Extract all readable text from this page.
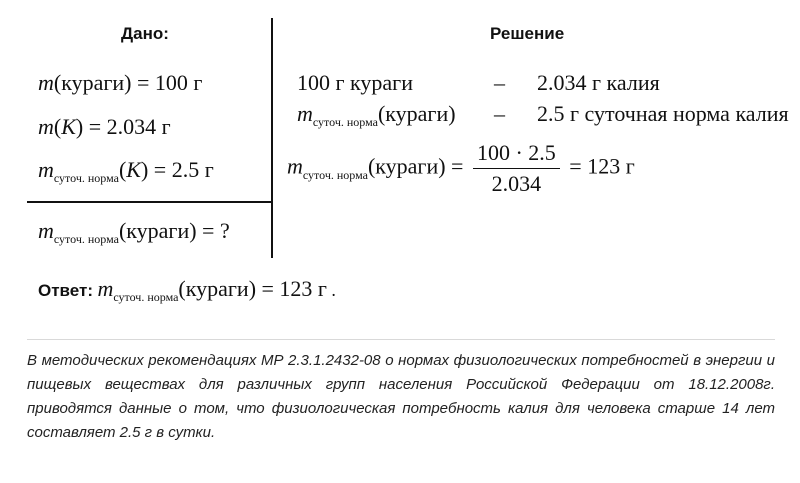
Дано:	Решение
m(кураги) = 100 г
m(K) = 2.034 г
$m_{суточ. норма}(K) = 2.5$ г
$m_{суточ. норма}(кураги)$ = ?
100 г кураги	– 2.034 г калия
$m_{суточ. норма}(кураги) - 2.5$ г суточная норма калия
$m_{суточ. норма}(кураги) = \frac{100 \cdot 2.5}{2.034} = 123$ г
Ответ: $m_{суточ. норма}(кураги) = 123$ г .
В методических рекомендациях МР 2.3.1.2432-08 о нормах физиологических потребностей в энергии и пищевых веществах для различных групп населения Российской Федерации от 18.12.2008г. приводятся данные о том, что физиологическая потребность калия для человека старше 14 лет составляет 2.5 г в сутки.
